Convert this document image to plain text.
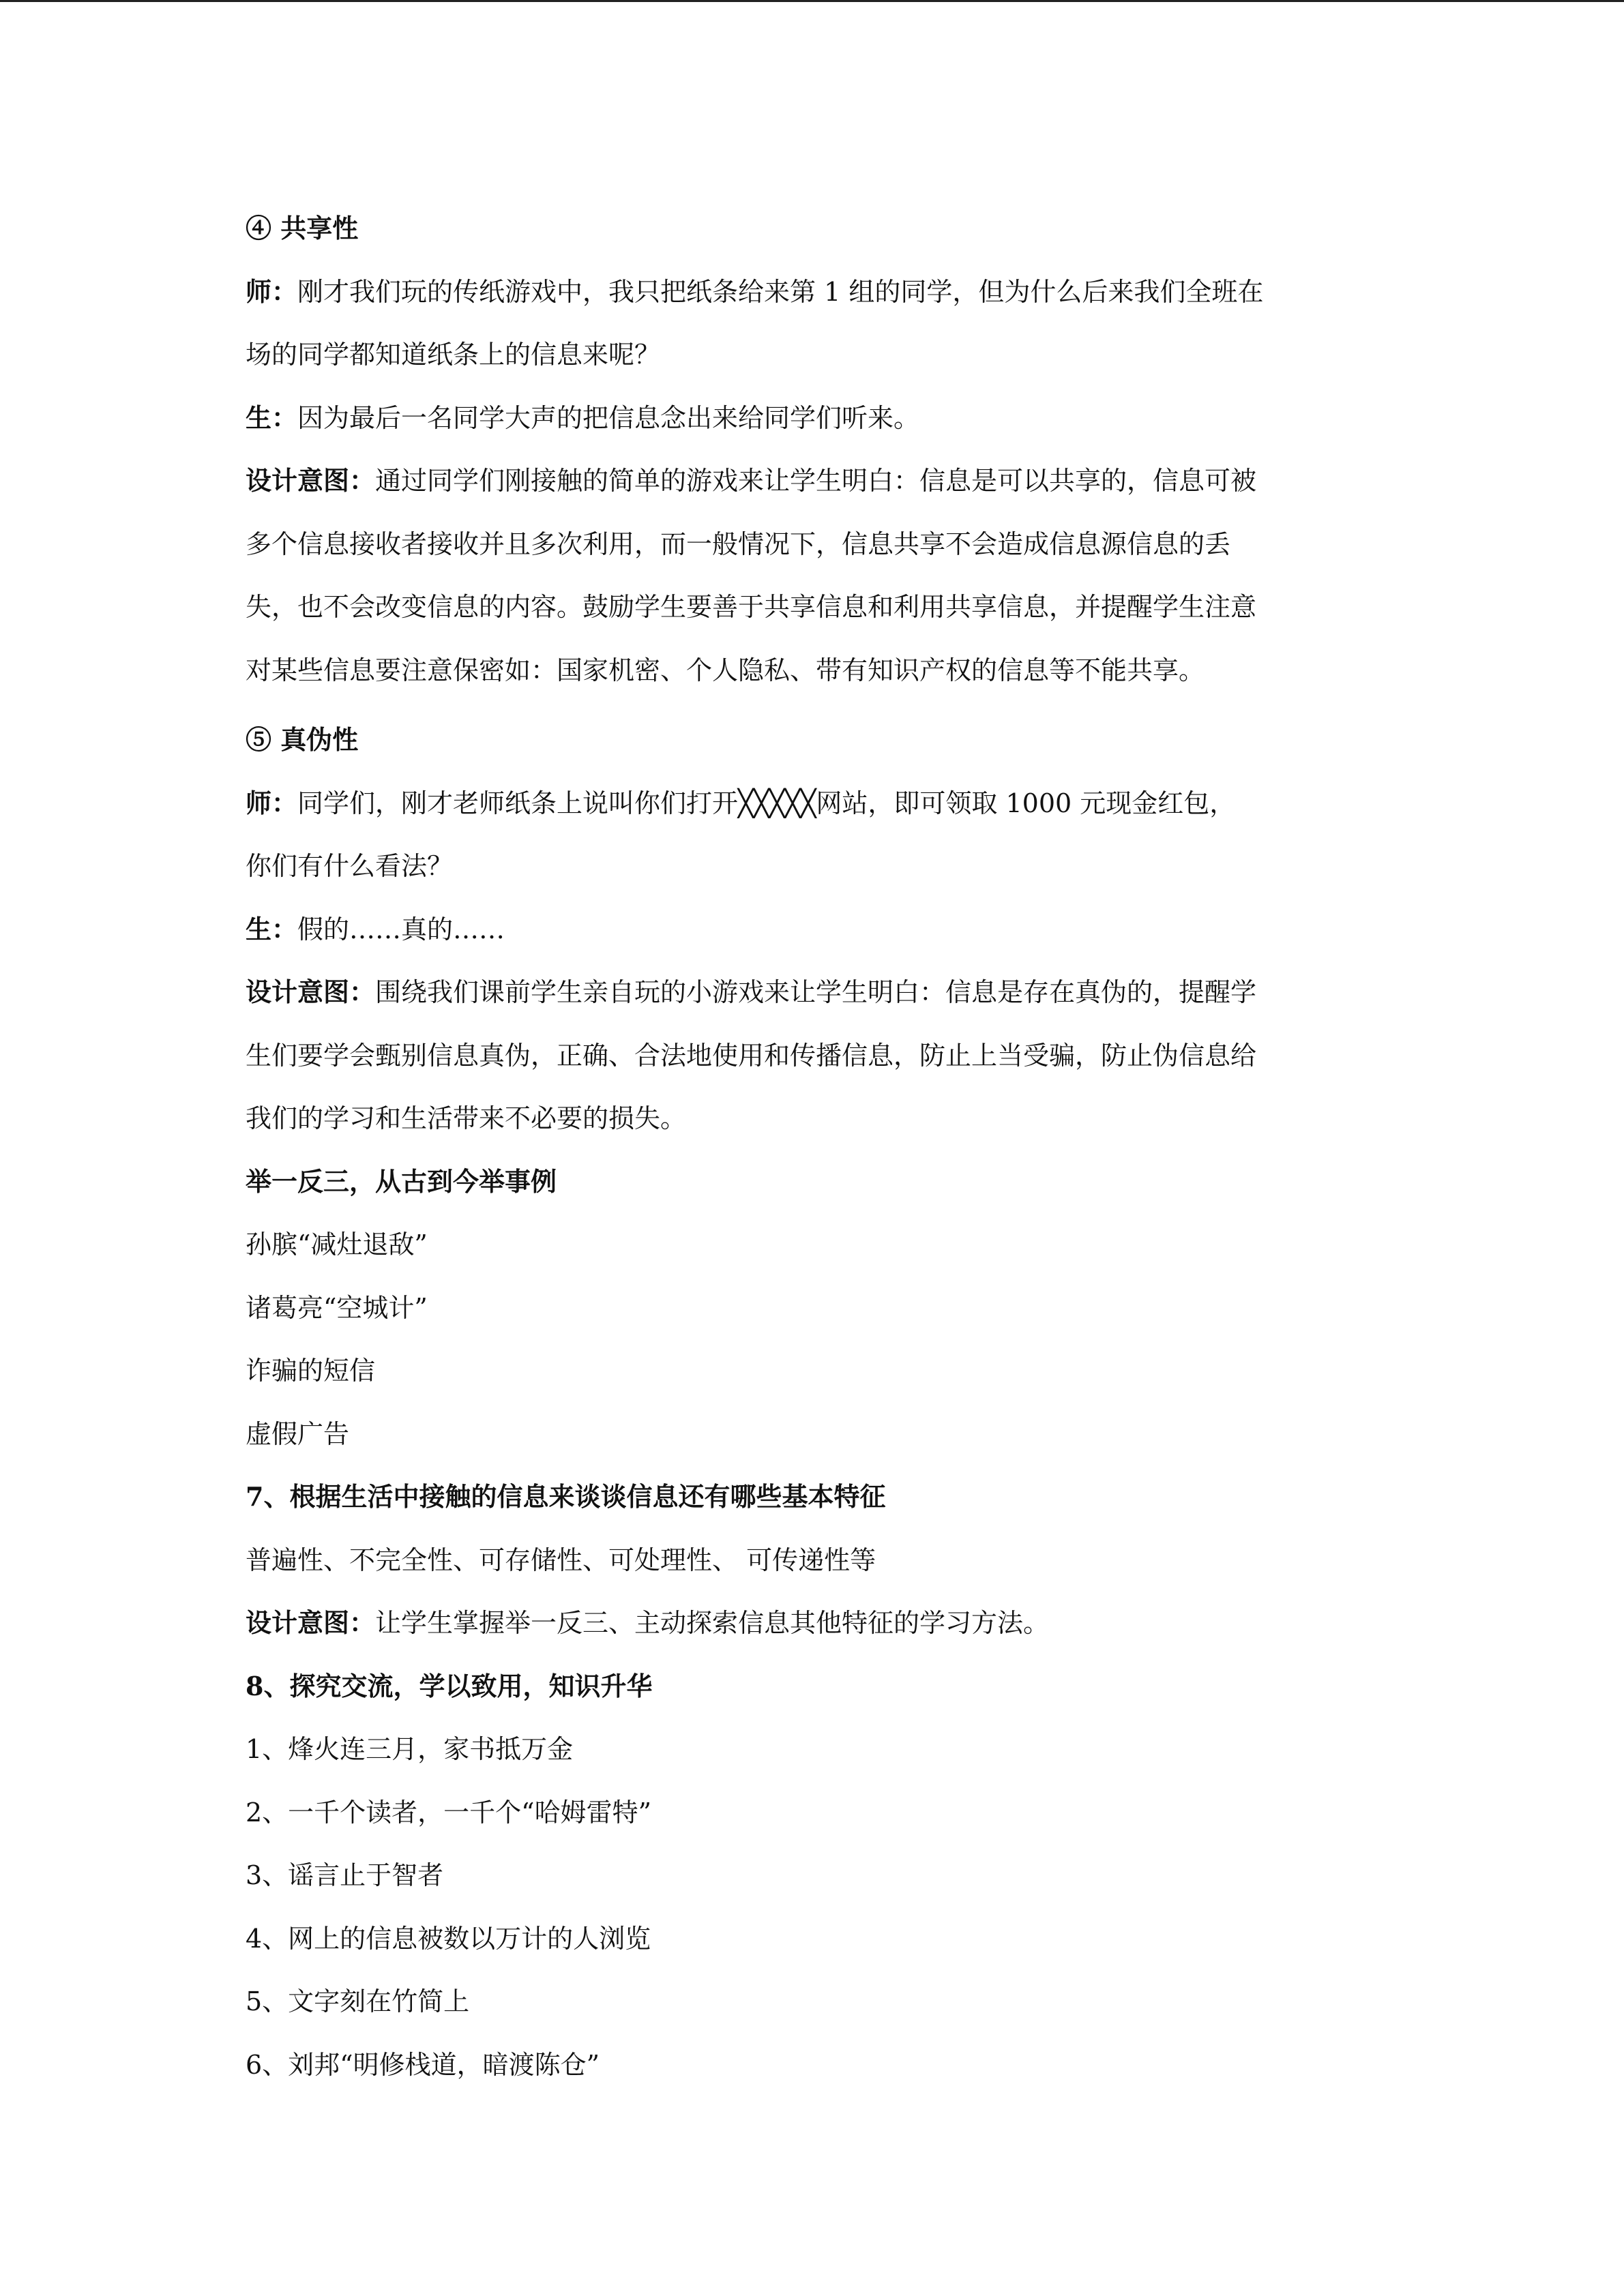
④ 共享性
师：刚才我们玩的传纸游戏中，我只把纸条给来第 1 组的同学，但为什么后来我们全班在
场的同学都知道纸条上的信息来呢？
生：因为最后一名同学大声的把信息念出来给同学们听来。
设计意图：通过同学们刚接触的简单的游戏来让学生明白：信息是可以共享的，信息可被
多个信息接收者接收并且多次利用，而一般情况下，信息共享不会造成信息源信息的丢
失，也不会改变信息的内容。鼓励学生要善于共享信息和利用共享信息，并提醒学生注意
对某些信息要注意保密如：国家机密、个人隐私、带有知识产权的信息等不能共享。
⑤ 真伪性
师：同学们，刚才老师纸条上说叫你们打开╳╳╳╳╳网站，即可领取 1000 元现金红包，
你们有什么看法？
生：假的……真的……
设计意图：围绕我们课前学生亲自玩的小游戏来让学生明白：信息是存在真伪的，提醒学
生们要学会甄别信息真伪，正确、合法地使用和传播信息，防止上当受骗，防止伪信息给
我们的学习和生活带来不必要的损失。
举一反三，从古到今举事例
孙膑“减灶退敌”
诸葛亮“空城计”
诈骗的短信
虚假广告
7、根据生活中接触的信息来谈谈信息还有哪些基本特征
普遍性、不完全性、可存储性、可处理性、 可传递性等
设计意图：让学生掌握举一反三、主动探索信息其他特征的学习方法。
8、探究交流，学以致用，知识升华
1、烽火连三月，家书抵万金
2、一千个读者，一千个“哈姆雷特”
3、谣言止于智者
4、网上的信息被数以万计的人浏览
5、文字刻在竹简上
6、刘邦“明修栈道，暗渡陈仓”
